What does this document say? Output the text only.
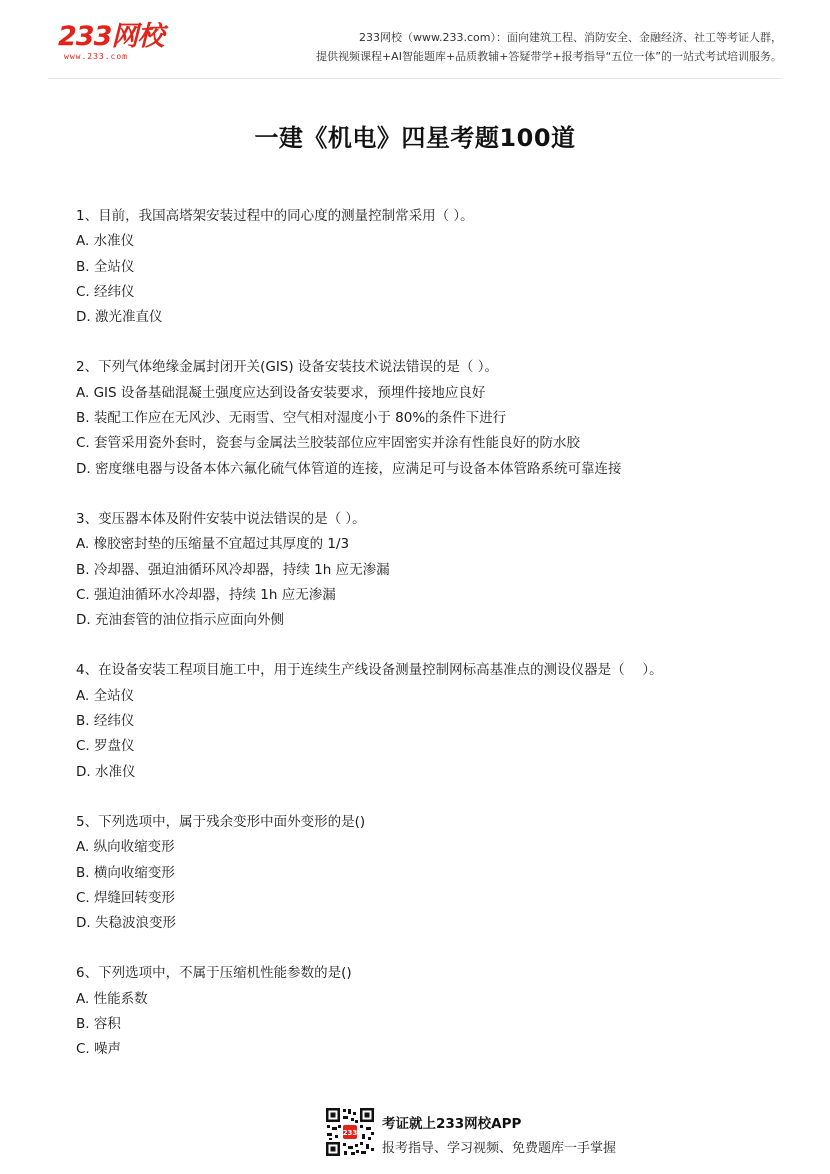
233网校
www.233.com
233网校（www.233.com）：面向建筑工程、消防安全、金融经济、社工等考证人群，
提供视频课程+AI智能题库+品质教辅+答疑带学+报考指导“五位一体”的一站式考试培训服务。
一建《机电》四星考题100道
1、目前，我国高塔架安装过程中的同心度的测量控制常采用（ ）。
A. 水准仪
B. 全站仪
C. 经纬仪
D. 激光准直仪
2、下列气体绝缘金属封闭开关(GIS) 设备安装技术说法错误的是（ ）。
A. GIS 设备基础混凝土强度应达到设备安装要求，预埋件接地应良好
B. 装配工作应在无风沙、无雨雪、空气相对湿度小于 80%的条件下进行
C. 套管采用瓷外套时，瓷套与金属法兰胶装部位应牢固密实并涂有性能良好的防水胶
D. 密度继电器与设备本体六氟化硫气体管道的连接，应满足可与设备本体管路系统可靠连接
3、变压器本体及附件安装中说法错误的是（ ）。
A. 橡胶密封垫的压缩量不宜超过其厚度的 1/3
B. 冷却器、强迫油循环风冷却器，持续 1h 应无渗漏
C. 强迫油循环水冷却器，持续 1h 应无渗漏
D. 充油套管的油位指示应面向外侧
4、在设备安装工程项目施工中，用于连续生产线设备测量控制网标高基准点的测设仪器是（　 ）。
A. 全站仪
B. 经纬仪
C. 罗盘仪
D. 水准仪
5、下列选项中，属于残余变形中面外变形的是()
A. 纵向收缩变形
B. 横向收缩变形
C. 焊缝回转变形
D. 失稳波浪变形
6、下列选项中，不属于压缩机性能参数的是()
A. 性能系数
B. 容积
C. 噪声
233
考证就上233网校APP
报考指导、学习视频、免费题库一手掌握
